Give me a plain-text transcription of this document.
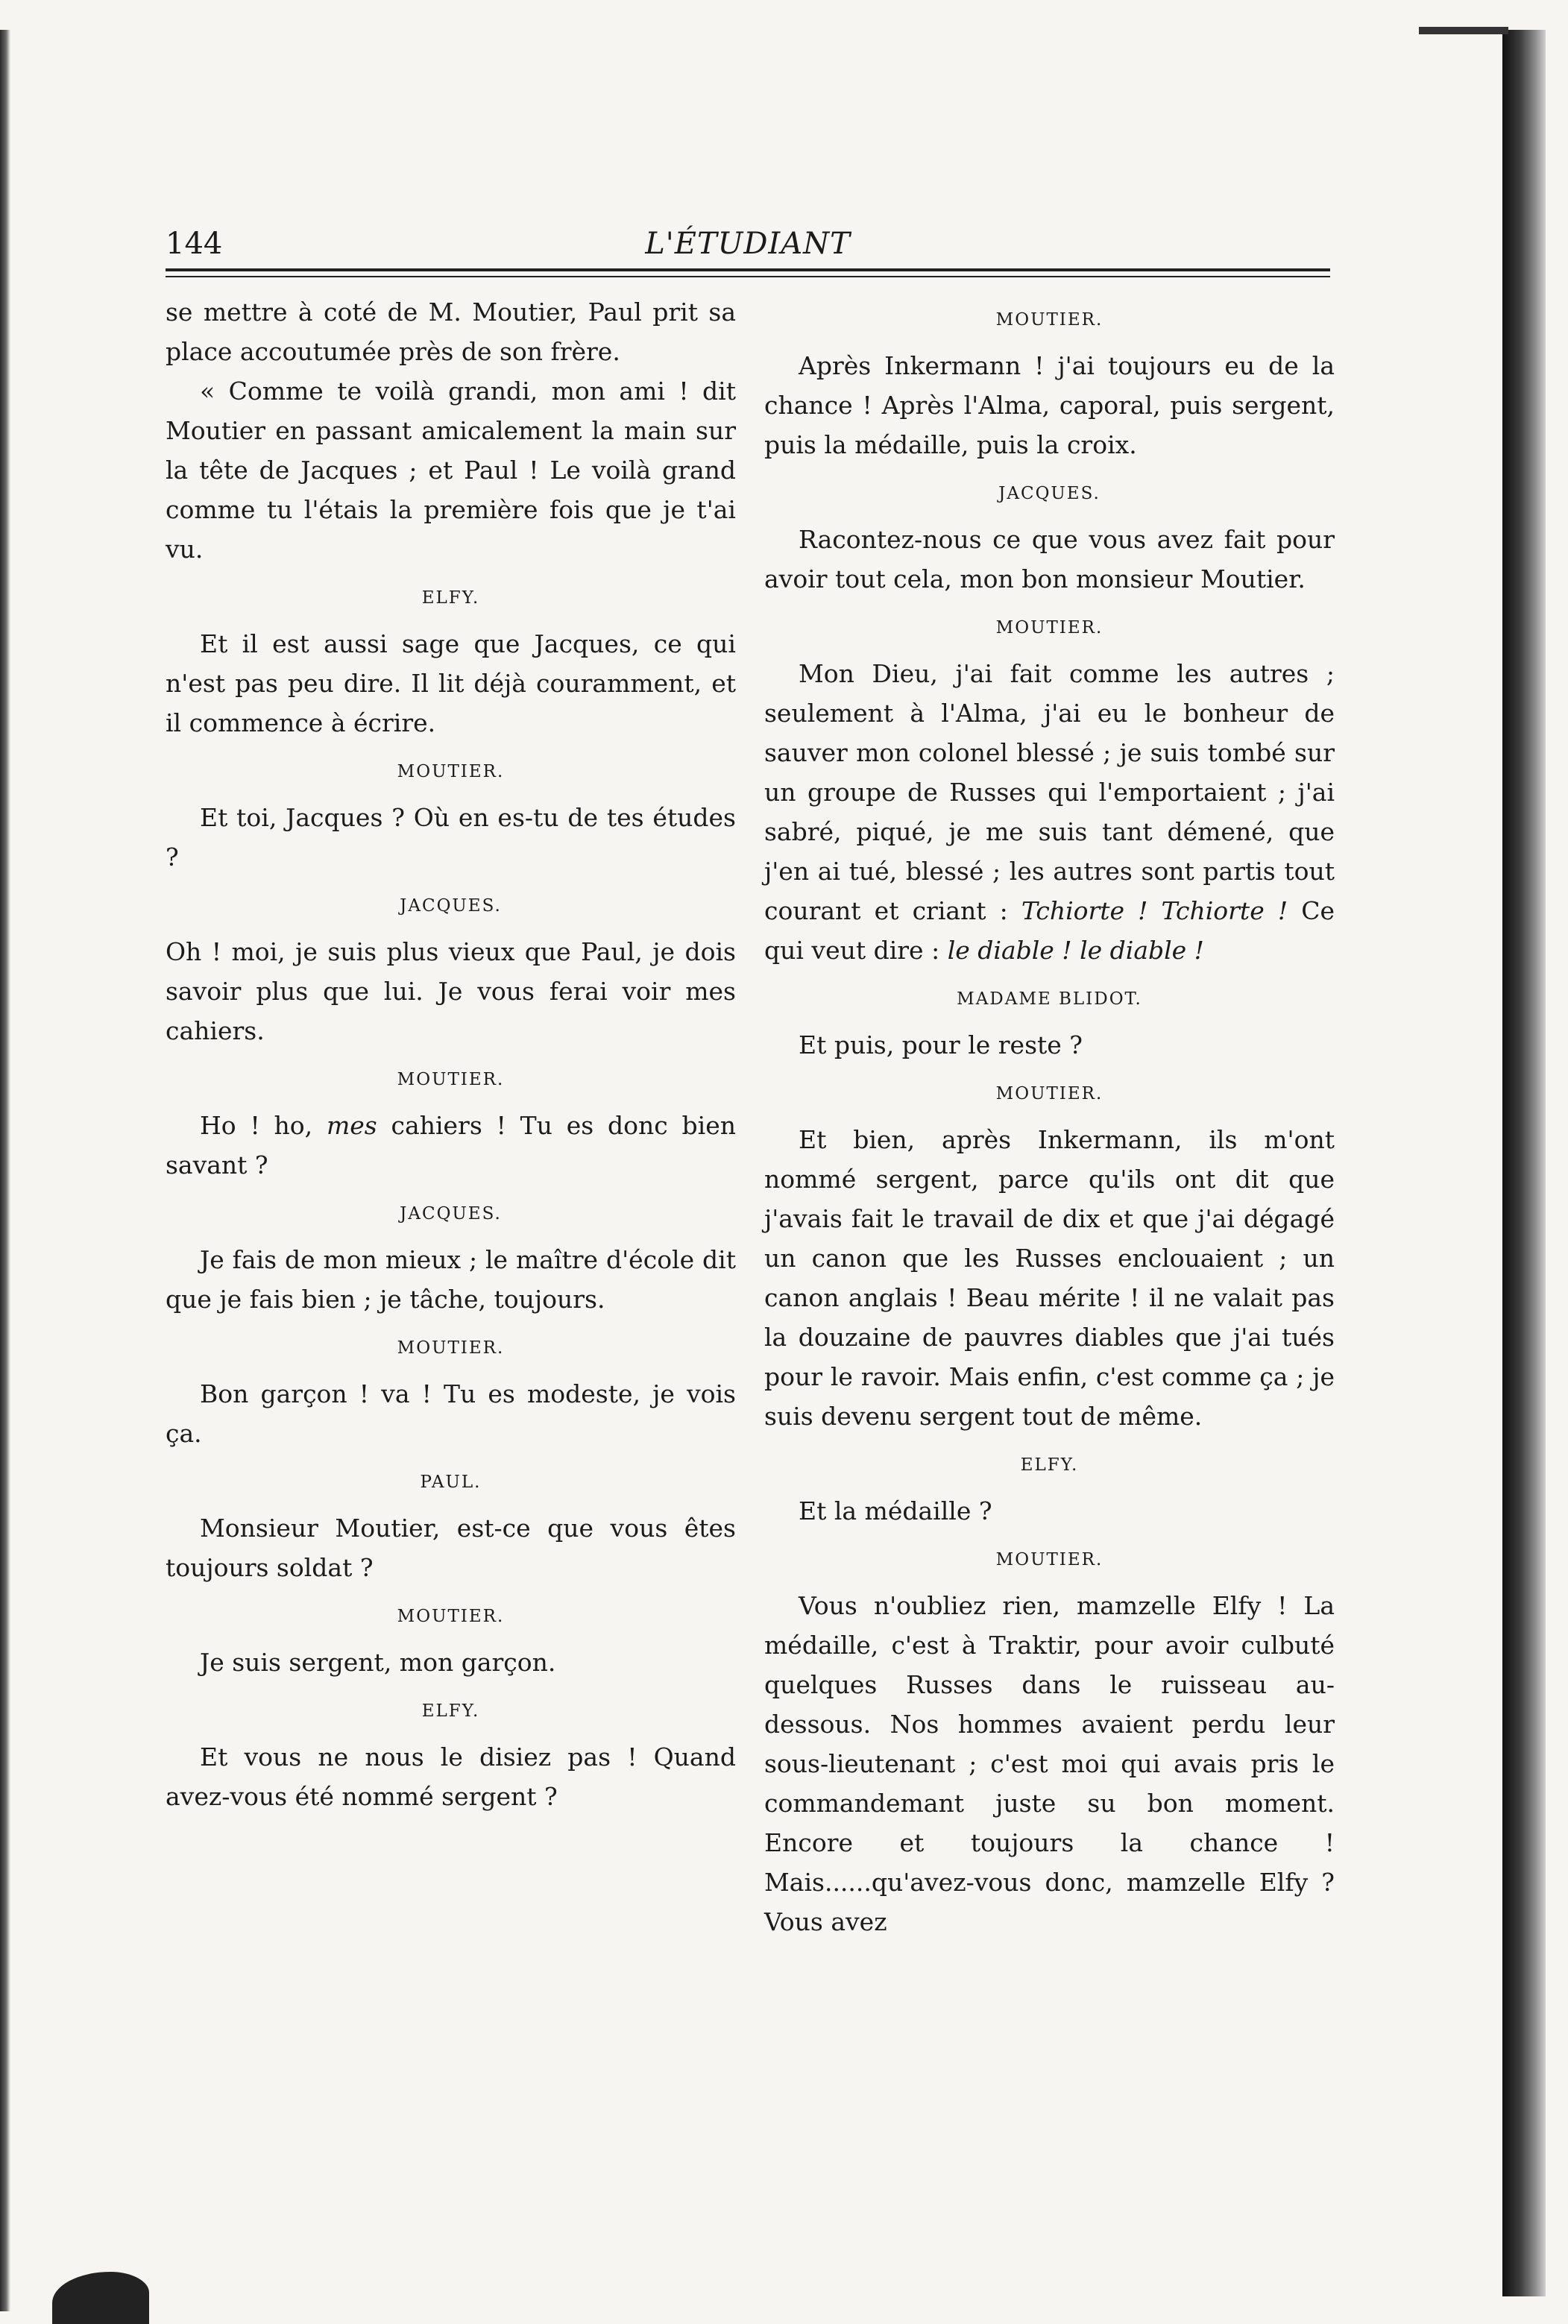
144	L'ÉTUDIANT

se mettre à coté de M. Moutier, Paul prit sa place accoutumée près de son frère.

« Comme te voilà grandi, mon ami ! dit Moutier en passant amicalement la main sur la tête de Jacques ; et Paul ! Le voilà grand comme tu l'étais la première fois que je t'ai vu.

ELFY.

Et il est aussi sage que Jacques, ce qui n'est pas peu dire. Il lit déjà couramment, et il commence à écrire.

MOUTIER.

Et toi, Jacques ? Où en es-tu de tes études ?

JACQUES.

Oh ! moi, je suis plus vieux que Paul, je dois savoir plus que lui. Je vous ferai voir mes cahiers.

MOUTIER.

Ho ! ho, mes cahiers ! Tu es donc bien savant ?

JACQUES.

Je fais de mon mieux ; le maître d'école dit que je fais bien ; je tâche, toujours.

MOUTIER.

Bon garçon ! va ! Tu es modeste, je vois ça.

PAUL.

Monsieur Moutier, est-ce que vous êtes toujours soldat ?

MOUTIER.

Je suis sergent, mon garçon.

ELFY.

Et vous ne nous le disiez pas ! Quand avez-vous été nommé sergent ?

MOUTIER.

Après Inkermann ! j'ai toujours eu de la chance ! Après l'Alma, caporal, puis sergent, puis la médaille, puis la croix.

JACQUES.

Racontez-nous ce que vous avez fait pour avoir tout cela, mon bon monsieur Moutier.

MOUTIER.

Mon Dieu, j'ai fait comme les autres ; seulement à l'Alma, j'ai eu le bonheur de sauver mon colonel blessé ; je suis tombé sur un groupe de Russes qui l'emportaient ; j'ai sabré, piqué, je me suis tant démené, que j'en ai tué, blessé ; les autres sont partis tout courant et criant : Tchiorte ! Tchiorte ! Ce qui veut dire : le diable ! le diable !

MADAME BLIDOT.

Et puis, pour le reste ?

MOUTIER.

Et bien, après Inkermann, ils m'ont nommé sergent, parce qu'ils ont dit que j'avais fait le travail de dix et que j'ai dégagé un canon que les Russes enclouaient ; un canon anglais ! Beau mérite ! il ne valait pas la douzaine de pauvres diables que j'ai tués pour le ravoir. Mais enfin, c'est comme ça ; je suis devenu sergent tout de même.

ELFY.

Et la médaille ?

MOUTIER.

Vous n'oubliez rien, mamzelle Elfy ! La médaille, c'est à Traktir, pour avoir culbuté quelques Russes dans le ruisseau au-dessous. Nos hommes avaient perdu leur sous-lieutenant ; c'est moi qui avais pris le commandemant juste su bon moment. Encore et toujours la chance ! Mais......qu'avez-vous donc, mamzelle Elfy ? Vous avez
